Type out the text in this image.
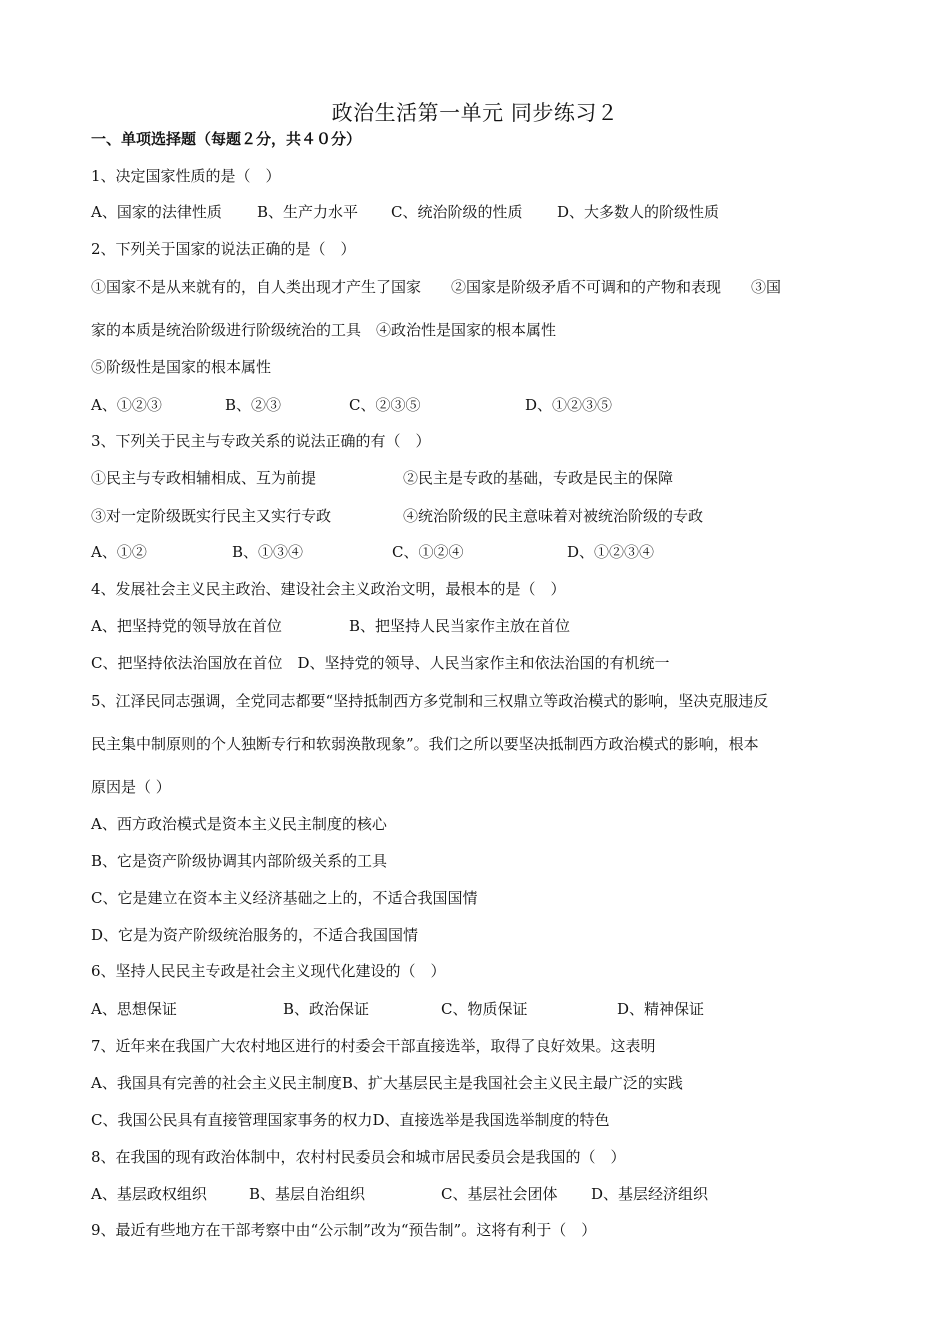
政治生活第一单元 同步练习２
一、单项选择题（每题２分，共４０分）
1、决定国家性质的是（　）
A、国家的法律性质 B、生产力水平 C、统治阶级的性质 D、大多数人的阶级性质
2、下列关于国家的说法正确的是（　）
①国家不是从来就有的，自人类出现才产生了国家　　②国家是阶级矛盾不可调和的产物和表现　　③国
家的本质是统治阶级进行阶级统治的工具　④政治性是国家的根本属性
⑤阶级性是国家的根本属性
A、①②③	B、②③	C、②③⑤	D、①②③⑤
3、下列关于民主与专政关系的说法正确的有（　）
①民主与专政相辅相成、互为前提	②民主是专政的基础，专政是民主的保障
③对一定阶级既实行民主又实行专政	④统治阶级的民主意味着对被统治阶级的专政
A、①②	B、①③④	C、①②④	D、①②③④
4、发展社会主义民主政治、建设社会主义政治文明，最根本的是（　）
A、把坚持党的领导放在首位	B、把坚持人民当家作主放在首位
C、把坚持依法治国放在首位　D、坚持党的领导、人民当家作主和依法治国的有机统一
5、江泽民同志强调，全党同志都要“坚持抵制西方多党制和三权鼎立等政治模式的影响，坚决克服违反
民主集中制原则的个人独断专行和软弱涣散现象”。我们之所以要坚决抵制西方政治模式的影响，根本
原因是（ ）
A、西方政治模式是资本主义民主制度的核心
B、它是资产阶级协调其内部阶级关系的工具
C、它是建立在资本主义经济基础之上的，不适合我国国情
D、它是为资产阶级统治服务的，不适合我国国情
6、坚持人民民主专政是社会主义现代化建设的（　）
A、思想保证	B、政治保证	C、物质保证	D、精神保证
7、近年来在我国广大农村地区进行的村委会干部直接选举，取得了良好效果。这表明
A、我国具有完善的社会主义民主制度B、扩大基层民主是我国社会主义民主最广泛的实践
C、我国公民具有直接管理国家事务的权力D、直接选举是我国选举制度的特色
8、在我国的现有政治体制中，农村村民委员会和城市居民委员会是我国的（　）
A、基层政权组织	B、基层自治组织	C、基层社会团体 D、基层经济组织
9、最近有些地方在干部考察中由“公示制”改为“预告制”。这将有利于（　）
